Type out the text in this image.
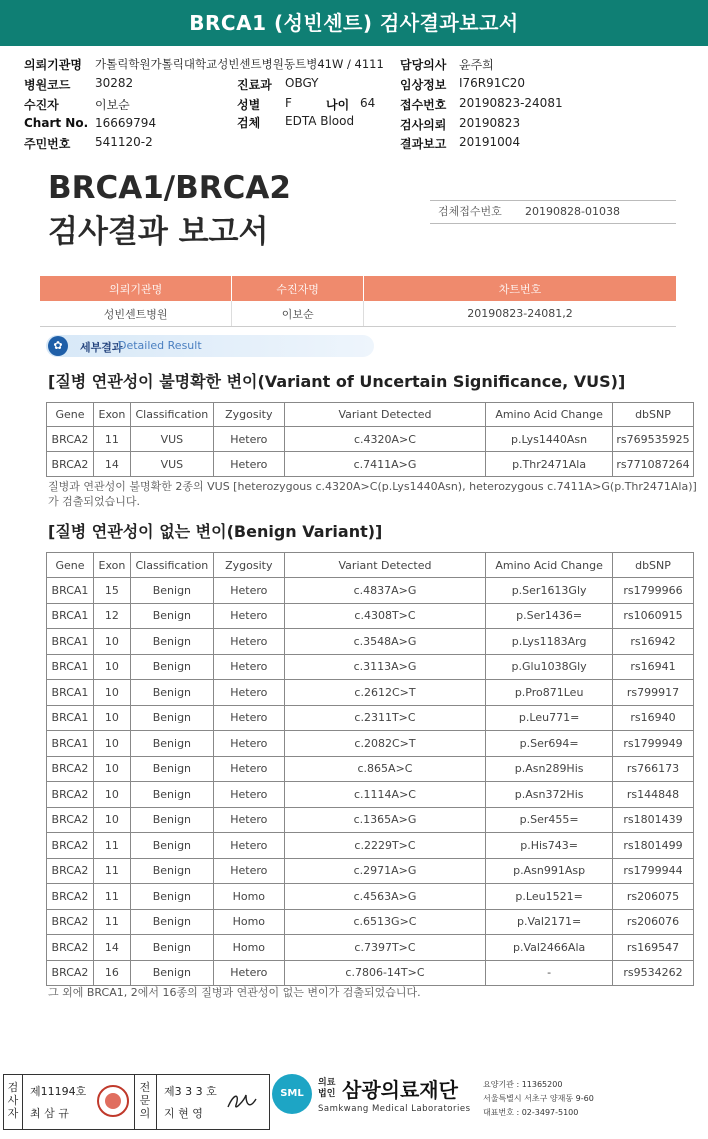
BRCA1 (성빈센트) 검사결과보고서
의뢰기관명 가톨릭학원가톨릭대학교성빈센트병원 동트병41W / 4111 담당의사 윤주희
병원코드 30282	진료과 OBGY	임상정보 I76R91C20
수진자	이보순	성별 F	나이 64 접수번호 20190823-24081
Chart No. 16669794	검체 EDTA Blood	검사의뢰 20190823
주민번호 541120-2	결과보고 20191004
BRCA1/BRCA2
검사결과 보고서
검체접수번호 20190828-01038
의뢰기관명	수진자명	차트번호
성빈센트병원	이보순	20190823-24081,2
✿	세부결과
Detailed Result
[질병 연관성이 불명확한 변이(Variant of Uncertain Significance, VUS)]
Gene	Exon	Classification	Zygosity	Variant Detected	Amino Acid Change	dbSNP
BRCA2	11	VUS	Hetero	c.4320A>C	p.Lys1440Asn	rs769535925
BRCA2	14	VUS	Hetero	c.7411A>G	p.Thr2471Ala	rs771087264
질병과 연관성이 불명확한 2종의 VUS [heterozygous c.4320A>C(p.Lys1440Asn), heterozygous c.7411A>G(p.Thr2471Ala)]
가 검출되었습니다.
[질병 연관성이 없는 변이(Benign Variant)]
Gene	Exon	Classification	Zygosity	Variant Detected	Amino Acid Change	dbSNP
BRCA1	15	Benign	Hetero	c.4837A>G	p.Ser1613Gly	rs1799966
BRCA1	12	Benign	Hetero	c.4308T>C	p.Ser1436=	rs1060915
BRCA1	10	Benign	Hetero	c.3548A>G	p.Lys1183Arg	rs16942
BRCA1	10	Benign	Hetero	c.3113A>G	p.Glu1038Gly	rs16941
BRCA1	10	Benign	Hetero	c.2612C>T	p.Pro871Leu	rs799917
BRCA1	10	Benign	Hetero	c.2311T>C	p.Leu771=	rs16940
BRCA1	10	Benign	Hetero	c.2082C>T	p.Ser694=	rs1799949
BRCA2	10	Benign	Hetero	c.865A>C	p.Asn289His	rs766173
BRCA2	10	Benign	Hetero	c.1114A>C	p.Asn372His	rs144848
BRCA2	10	Benign	Hetero	c.1365A>G	p.Ser455=	rs1801439
BRCA2	11	Benign	Hetero	c.2229T>C	p.His743=	rs1801499
BRCA2	11	Benign	Hetero	c.2971A>G	p.Asn991Asp	rs1799944
BRCA2	11	Benign	Homo	c.4563A>G	p.Leu1521=	rs206075
BRCA2	11	Benign	Homo	c.6513G>C	p.Val2171=	rs206076
BRCA2	14	Benign	Homo	c.7397T>C	p.Val2466Ala	rs169547
BRCA2	16	Benign	Hetero	c.7806-14T>C	-	rs9534262
그 외에 BRCA1, 2에서 16종의 질병과 연관성이 없는 변이가 검출되었습니다.
검사자
제11194호
최 삼 규
전문의
제3 3 3 호
지 현 영
SML
의료법인 삼광의료재단
Samkwang Medical Laboratories
요양기관 : 11365200
서울특별시 서초구 양재동 9-60
대표번호 : 02-3497-5100
